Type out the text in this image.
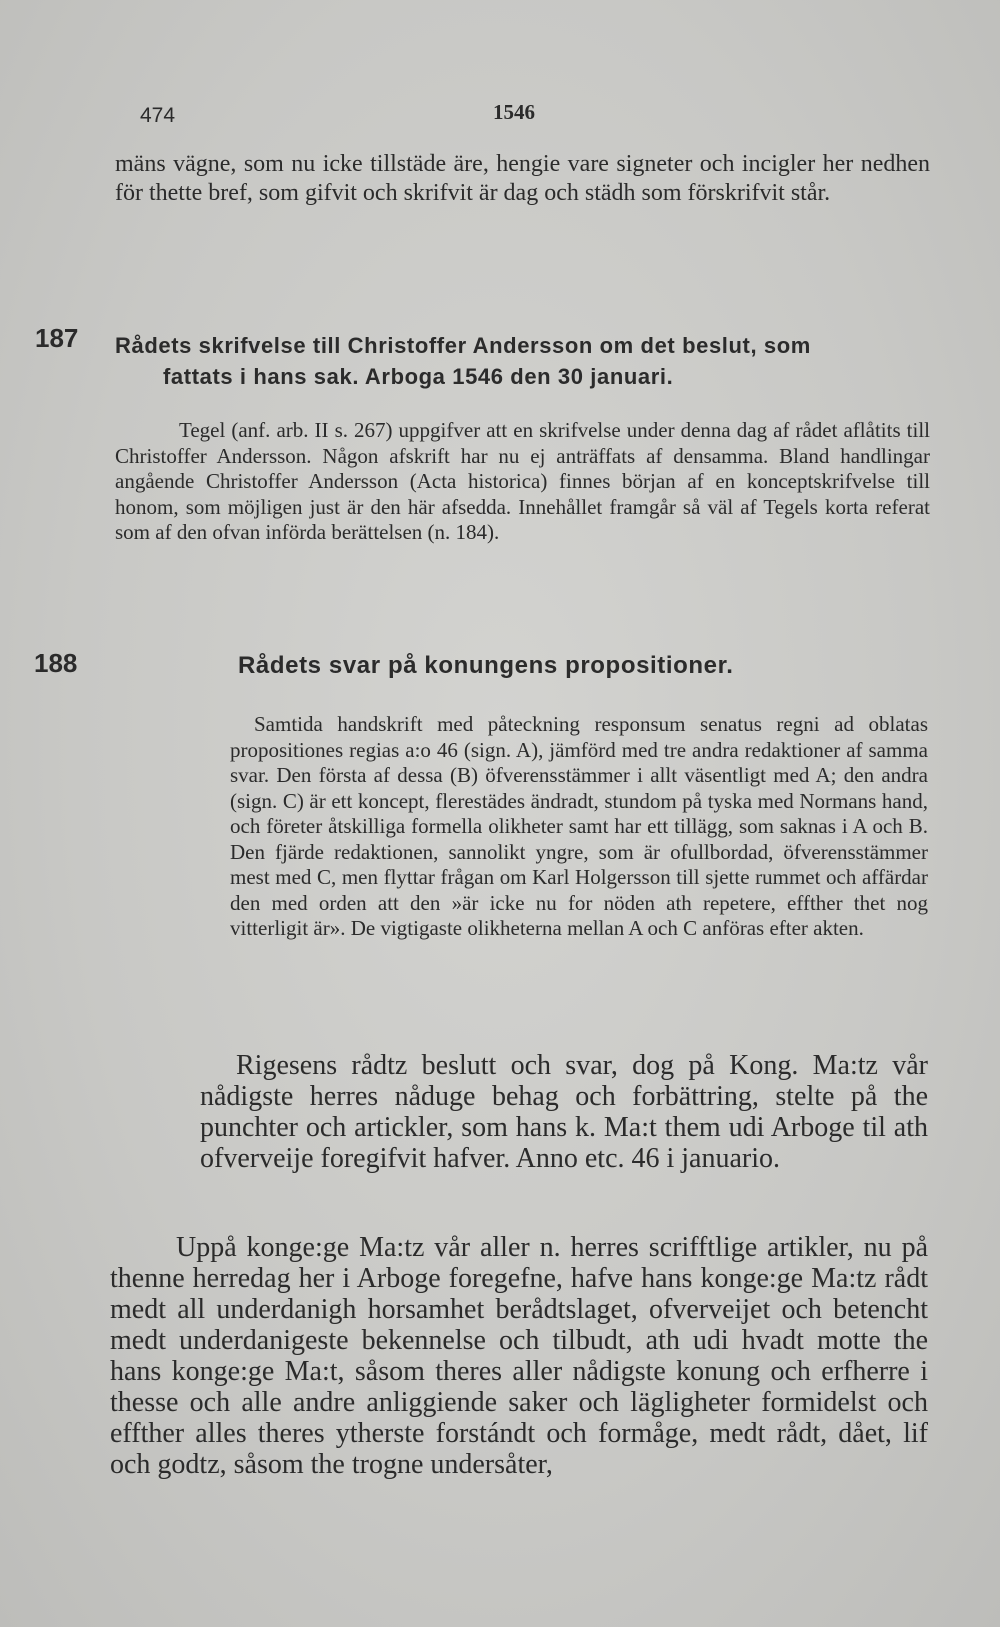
474	1546
mäns vägne, som nu icke tillstäde äre, hengie vare signeter och incigler her nedhen för thette bref, som gifvit och skrifvit är dag och städh som förskrifvit står.
187 Rådets skrifvelse till Christoffer Andersson om det beslut, som
fattats i hans sak. Arboga 1546 den 30 januari.

Tegel (anf. arb. II s. 267) uppgifver att en skrifvelse under denna dag af rådet aflåtits till Christoffer Andersson. Någon afskrift har nu ej anträffats af densamma. Bland handlingar angående Christoffer Andersson (Acta historica) finnes början af en konceptskrifvelse till honom, som möjligen just är den här afsedda. Innehållet framgår så väl af Tegels korta referat som af den ofvan införda berättelsen (n. 184).

188	Rådets svar på konungens propositioner.

Samtida handskrift med påteckning responsum senatus regni ad oblatas propositiones regias a:o 46 (sign. A), jämförd med tre andra redaktioner af samma svar. Den första af dessa (B) öfverensstämmer i allt väsentligt med A; den andra (sign. C) är ett koncept, flerestädes ändradt, stundom på tyska med Normans hand, och företer åtskilliga formella olikheter samt har ett tillägg, som saknas i A och B. Den fjärde redaktionen, sannolikt yngre, som är ofullbordad, öfverensstämmer mest med C, men flyttar frågan om Karl Holgersson till sjette rummet och affärdar den med orden att den »är icke nu for nöden ath repetere, effther thet nog vitterligit är». De vigtigaste olikheterna mellan A och C anföras efter akten.

Rigesens rådtz beslutt och svar, dog på Kong. Ma:tz vår nådigste herres nåduge behag och forbättring, stelte på the punchter och artickler, som hans k. Ma:t them udi Arboge til ath ofverveije foregifvit hafver. Anno etc. 46 i januario.

Uppå konge:ge Ma:tz vår aller n. herres scrifftlige artikler, nu på thenne herredag her i Arboge foregefne, hafve hans konge:ge Ma:tz rådt medt all underdanigh horsamhet berådtslaget, ofverveijet och betencht medt underdanigeste bekennelse och tilbudt, ath udi hvadt motte the hans konge:ge Ma:t, såsom theres aller nådigste konung och erfherre i thesse och alle andre anliggiende saker och lägligheter formidelst och effther alles theres ytherste forstándt och formåge, medt rådt, dået, lif och godtz, såsom the trogne undersåter,
